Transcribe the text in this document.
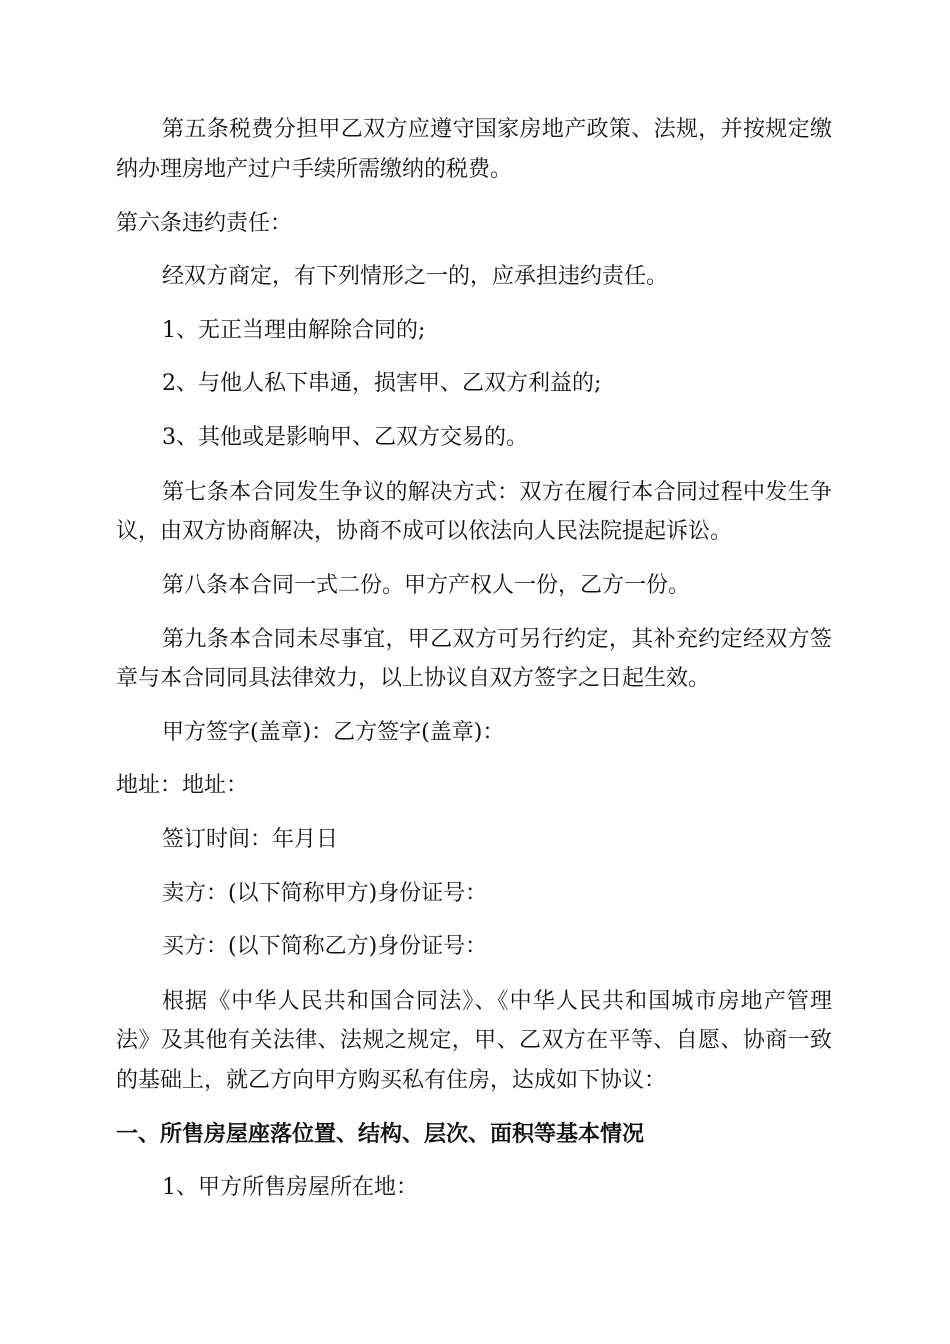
第五条税费分担甲乙双方应遵守国家房地产政策、法规，并按规定缴
纳办理房地产过户手续所需缴纳的税费。
第六条违约责任：
经双方商定，有下列情形之一的，应承担违约责任。
1、无正当理由解除合同的;
2、与他人私下串通，损害甲、乙双方利益的;
3、其他或是影响甲、乙双方交易的。
第七条本合同发生争议的解决方式：双方在履行本合同过程中发生争
议，由双方协商解决，协商不成可以依法向人民法院提起诉讼。
第八条本合同一式二份。甲方产权人一份，乙方一份。
第九条本合同未尽事宜，甲乙双方可另行约定，其补充约定经双方签
章与本合同同具法律效力，以上协议自双方签字之日起生效。
甲方签字(盖章)：乙方签字(盖章)：
地址：地址：
签订时间：年月日
卖方：(以下简称甲方)身份证号：
买方：(以下简称乙方)身份证号：
根据《中华人民共和国合同法》、《中华人民共和国城市房地产管理
法》及其他有关法律、法规之规定，甲、乙双方在平等、自愿、协商一致
的基础上，就乙方向甲方购买私有住房，达成如下协议：
一、所售房屋座落位置、结构、层次、面积等基本情况
1、甲方所售房屋所在地：
